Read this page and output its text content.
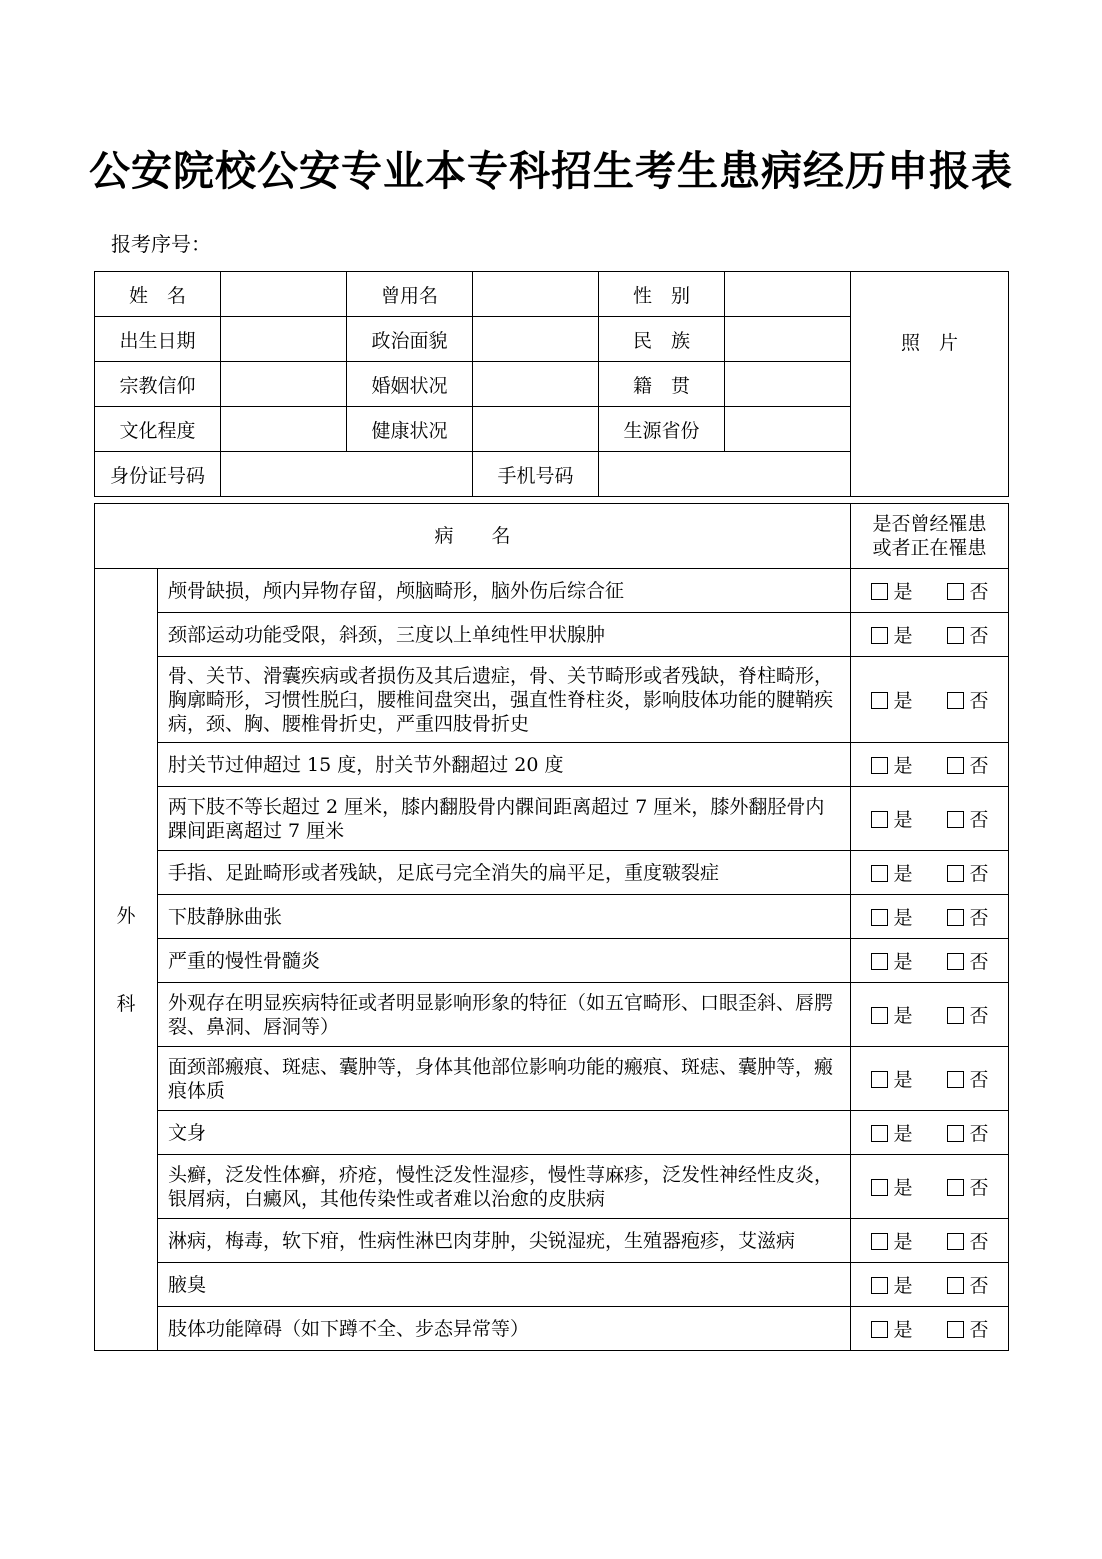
公安院校公安专业本专科招生考生患病经历申报表
报考序号：
姓　名		曾用名		性　别		照　片
出生日期		政治面貌		民　族		
宗教信仰		婚姻状况		籍　贯		
文化程度		健康状况		生源省份		
身份证号码			手机号码			
病　　名		是否曾经罹患
或者正在罹患

外
科	颅骨缺损，颅内异物存留，颅脑畸形，脑外伤后综合征	是 否
	颈部运动功能受限，斜颈，三度以上单纯性甲状腺肿	是 否
	骨、关节、滑囊疾病或者损伤及其后遗症，骨、关节畸形或者残缺，脊柱畸形，胸廓畸形，习惯性脱臼，腰椎间盘突出，强直性脊柱炎，影响肢体功能的腱鞘疾病，颈、胸、腰椎骨折史，严重四肢骨折史	是 否
	肘关节过伸超过 15 度，肘关节外翻超过 20 度	是 否
	两下肢不等长超过 2 厘米，膝内翻股骨内髁间距离超过 7 厘米，膝外翻胫骨内踝间距离超过 7 厘米	是 否
	手指、足趾畸形或者残缺，足底弓完全消失的扁平足，重度皲裂症	是 否
	下肢静脉曲张	是 否
	严重的慢性骨髓炎	是 否
	外观存在明显疾病特征或者明显影响形象的特征（如五官畸形、口眼歪斜、唇腭裂、鼻洞、唇洞等）	是 否
	面颈部瘢痕、斑痣、囊肿等，身体其他部位影响功能的瘢痕、斑痣、囊肿等，瘢痕体质	是 否
	文身	是 否
	头癣，泛发性体癣，疥疮，慢性泛发性湿疹，慢性荨麻疹，泛发性神经性皮炎，银屑病，白癜风，其他传染性或者难以治愈的皮肤病	是 否
	淋病，梅毒，软下疳，性病性淋巴肉芽肿，尖锐湿疣，生殖器疱疹，艾滋病	是 否
	腋臭	是 否
	肢体功能障碍（如下蹲不全、步态异常等）	是 否
